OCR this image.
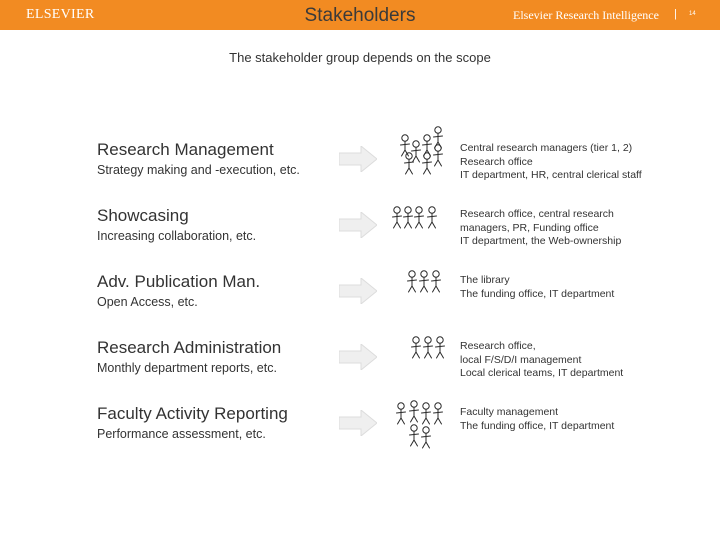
ELSEVIER	Stakeholders	Elsevier Research Intelligence | 14
The stakeholder group depends on the scope
Research Management
Strategy making and -execution, etc.
Central research managers (tier 1, 2)
Research office
IT department, HR, central clerical staff
Showcasing
Increasing collaboration, etc.
Research office, central research
managers, PR, Funding office
IT department, the Web-ownership
Adv. Publication Man.
Open Access, etc.
The library
The funding office, IT department
Research Administration
Monthly department reports, etc.
Research office,
local F/S/D/I management
Local clerical teams, IT department
Faculty Activity Reporting
Performance assessment, etc.
Faculty management
The funding office, IT department
